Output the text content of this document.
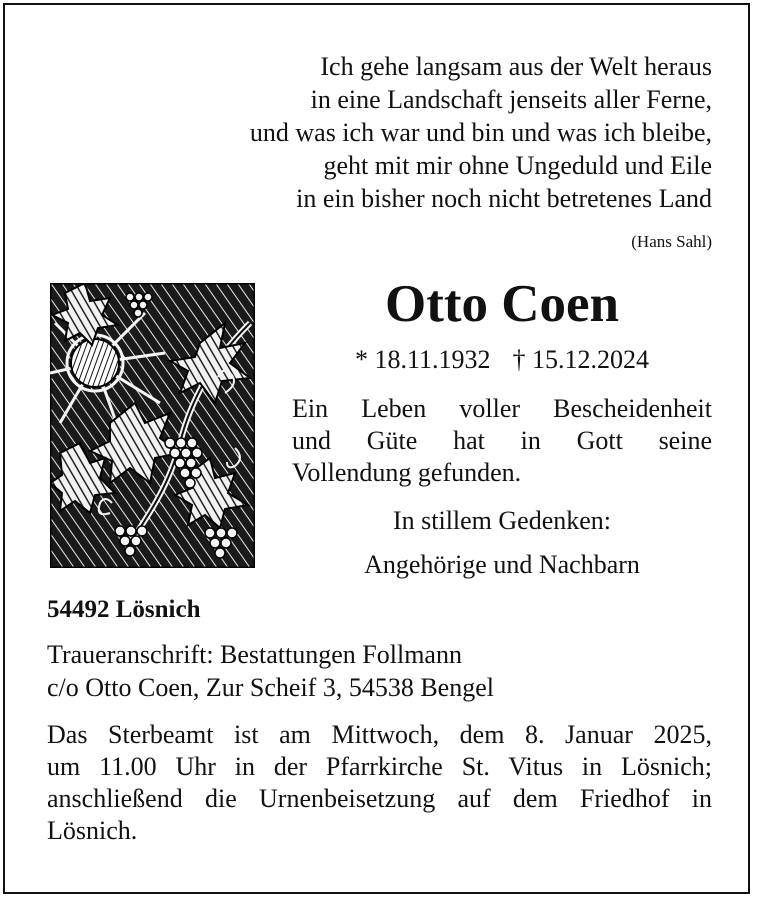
Ich gehe langsam aus der Welt heraus
in eine Landschaft jenseits aller Ferne,
und was ich war und bin und was ich bleibe,
geht mit mir ohne Ungeduld und Eile
in ein bisher noch nicht betretenes Land
(Hans Sahl)
Otto Coen
* 18.11.1932 † 15.12.2024
Ein Leben voller Bescheidenheit
und Güte hat in Gott seine
Vollendung gefunden.
In stillem Gedenken:
Angehörige und Nachbarn
54492 Lösnich
Traueranschrift: Bestattungen Follmann
c/o Otto Coen, Zur Scheif 3, 54538 Bengel
Das Sterbeamt ist am Mittwoch, dem 8. Januar 2025,
um 11.00 Uhr in der Pfarrkirche St. Vitus in Lösnich;
anschließend die Urnenbeisetzung auf dem Friedhof in
Lösnich.
